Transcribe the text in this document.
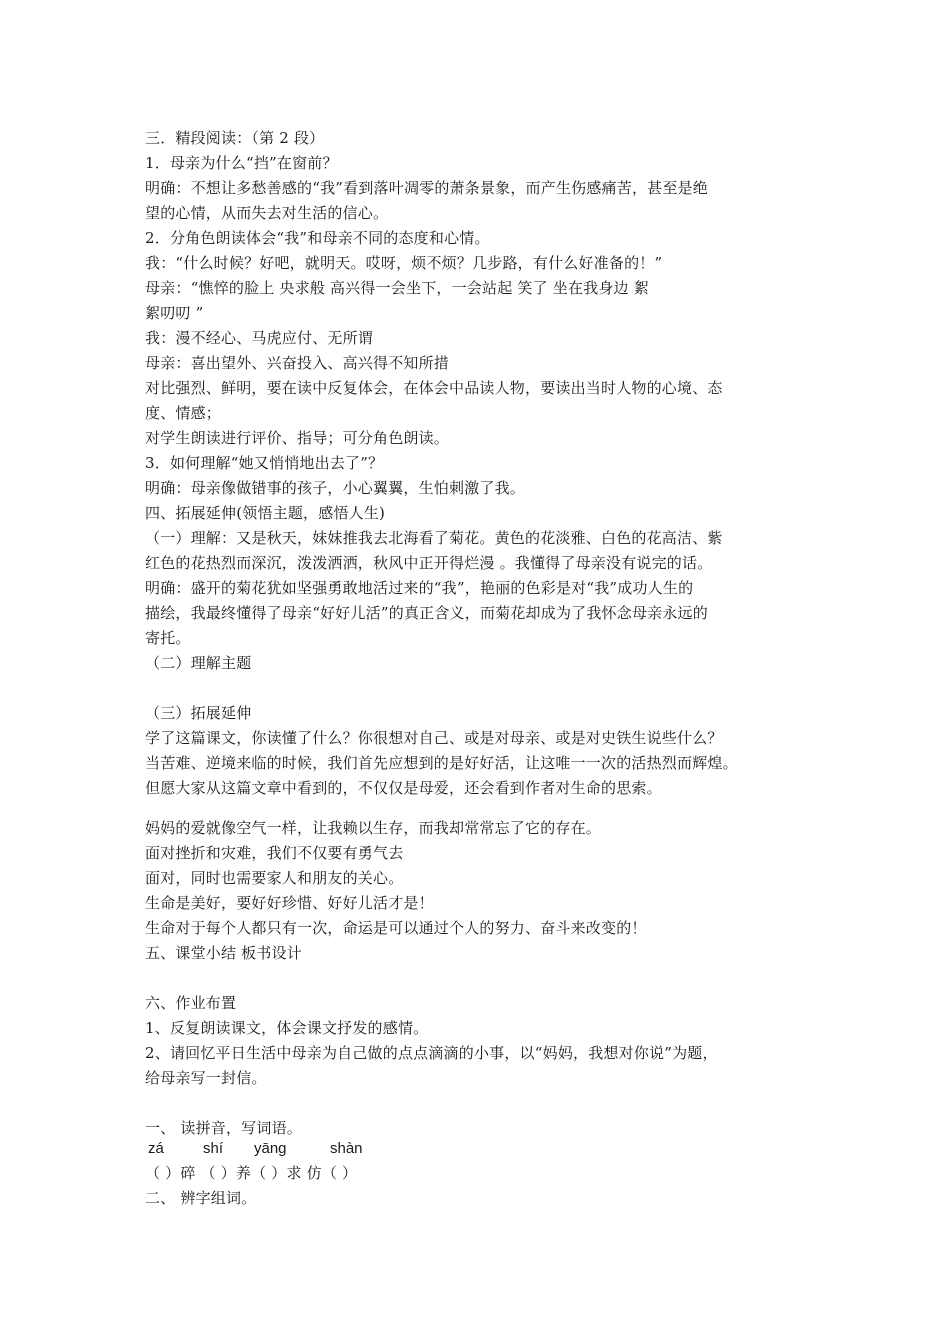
三．精段阅读：（第 2 段）
1．母亲为什么“挡”在窗前？
明确：不想让多愁善感的“我”看到落叶凋零的萧条景象，而产生伤感痛苦，甚至是绝
望的心情，从而失去对生活的信心。
2．分角色朗读体会“我”和母亲不同的态度和心情。
我：“什么时候？好吧，就明天。哎呀，烦不烦？几步路，有什么好准备的！”
母亲：“憔悴的脸上 央求般 高兴得一会坐下，一会站起 笑了 坐在我身边 絮
絮叨叨 ”
我：漫不经心、马虎应付、无所谓
母亲：喜出望外、兴奋投入、高兴得不知所措
对比强烈、鲜明，要在读中反复体会，在体会中品读人物，要读出当时人物的心境、态
度、情感；
对学生朗读进行评价、指导；可分角色朗读。
3．如何理解“她又悄悄地出去了”？
明确：母亲像做错事的孩子，小心翼翼，生怕刺激了我。
四、拓展延伸(领悟主题，感悟人生)
（一）理解：又是秋天，妹妹推我去北海看了菊花。黄色的花淡雅、白色的花高洁、紫
红色的花热烈而深沉，泼泼洒洒，秋风中正开得烂漫 。我懂得了母亲没有说完的话。
明确：盛开的菊花犹如坚强勇敢地活过来的“我”，艳丽的色彩是对“我”成功人生的
描绘，我最终懂得了母亲“好好儿活”的真正含义，而菊花却成为了我怀念母亲永远的
寄托。
（二）理解主题
（三）拓展延伸
学了这篇课文，你读懂了什么？你很想对自己、或是对母亲、或是对史铁生说些什么？
当苦难、逆境来临的时候，我们首先应想到的是好好活，让这唯一一次的活热烈而辉煌。
但愿大家从这篇文章中看到的，不仅仅是母爱，还会看到作者对生命的思索。
妈妈的爱就像空气一样，让我赖以生存，而我却常常忘了它的存在。
面对挫折和灾难，我们不仅要有勇气去
面对，同时也需要家人和朋友的关心。
生命是美好，要好好珍惜、好好儿活才是！
生命对于每个人都只有一次，命运是可以通过个人的努力、奋斗来改变的！
五、课堂小结 板书设计
六、作业布置
1、反复朗读课文，体会课文抒发的感情。
2、请回忆平日生活中母亲为自己做的点点滴滴的小事，以“妈妈，我想对你说”为题，
给母亲写一封信。
一、 读拼音，写词语。
（ ）碎 （ ）养（ ）求 仿（ ）
二、 辨字组词。
zá	shí yāng	shàn
